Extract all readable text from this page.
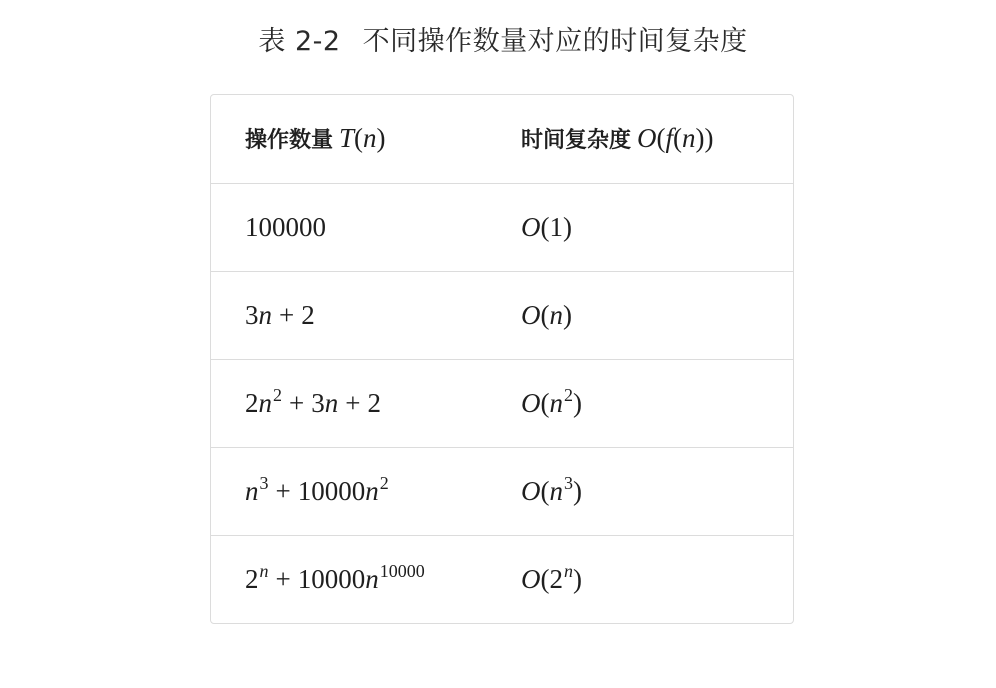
表 2-2 不同操作数量对应的时间复杂度
操作数量 T(n)	时间复杂度 O(f(n))
100000	O(1)
3n + 2	O(n)
$2n^2 + 3n + 2$	$O(n^2)$
$n^3 + 10000n^2$	$O(n^3)$
$2^n + 10000n^{10000}$	O(2$^n$)
